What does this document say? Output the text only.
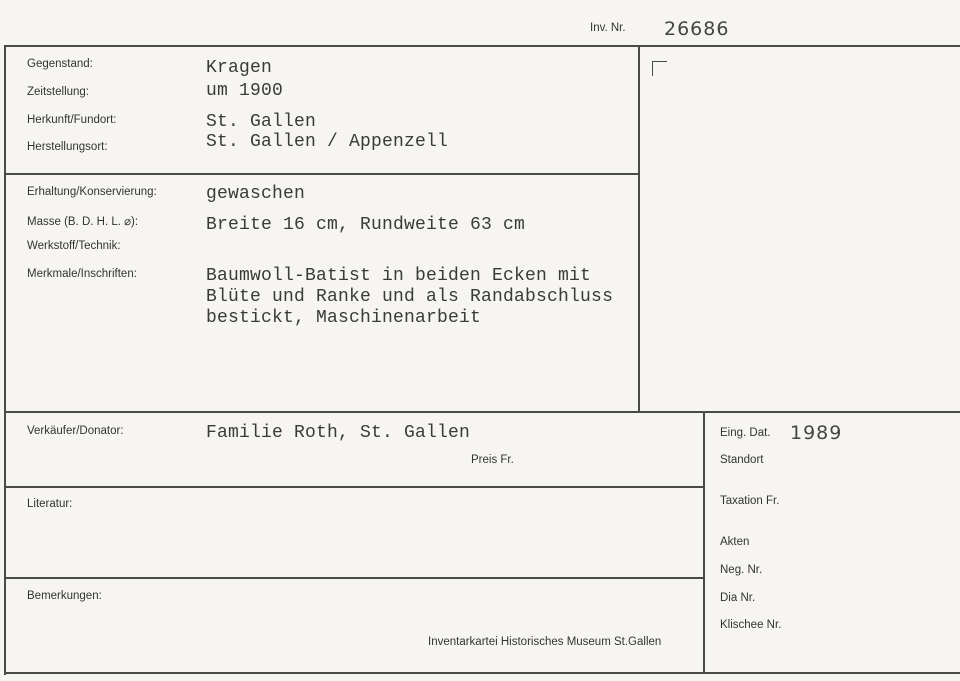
Inv. Nr. 26686
Gegenstand:	Kragen
Zeitstellung:	um 1900
Herkunft/Fundort:	St. Gallen
Herstellungsort:	St. Gallen / Appenzell
Erhaltung/Konservierung:	gewaschen
Masse (B. D. H. L. ⌀):	Breite 16 cm, Rundweite 63 cm
Werkstoff/Technik:
Merkmale/Inschriften:	Baumwoll-Batist in beiden Ecken mit
Blüte und Ranke und als Randabschluss
bestickt, Maschinenarbeit
Verkäufer/Donator:	Familie Roth, St. Gallen
Preis Fr.
Literatur:
Bemerkungen:
Inventarkartei Historisches Museum St.Gallen
Eing. Dat. 1989
Standort
Taxation Fr.
Akten
Neg. Nr.
Dia Nr.
Klischee Nr.
